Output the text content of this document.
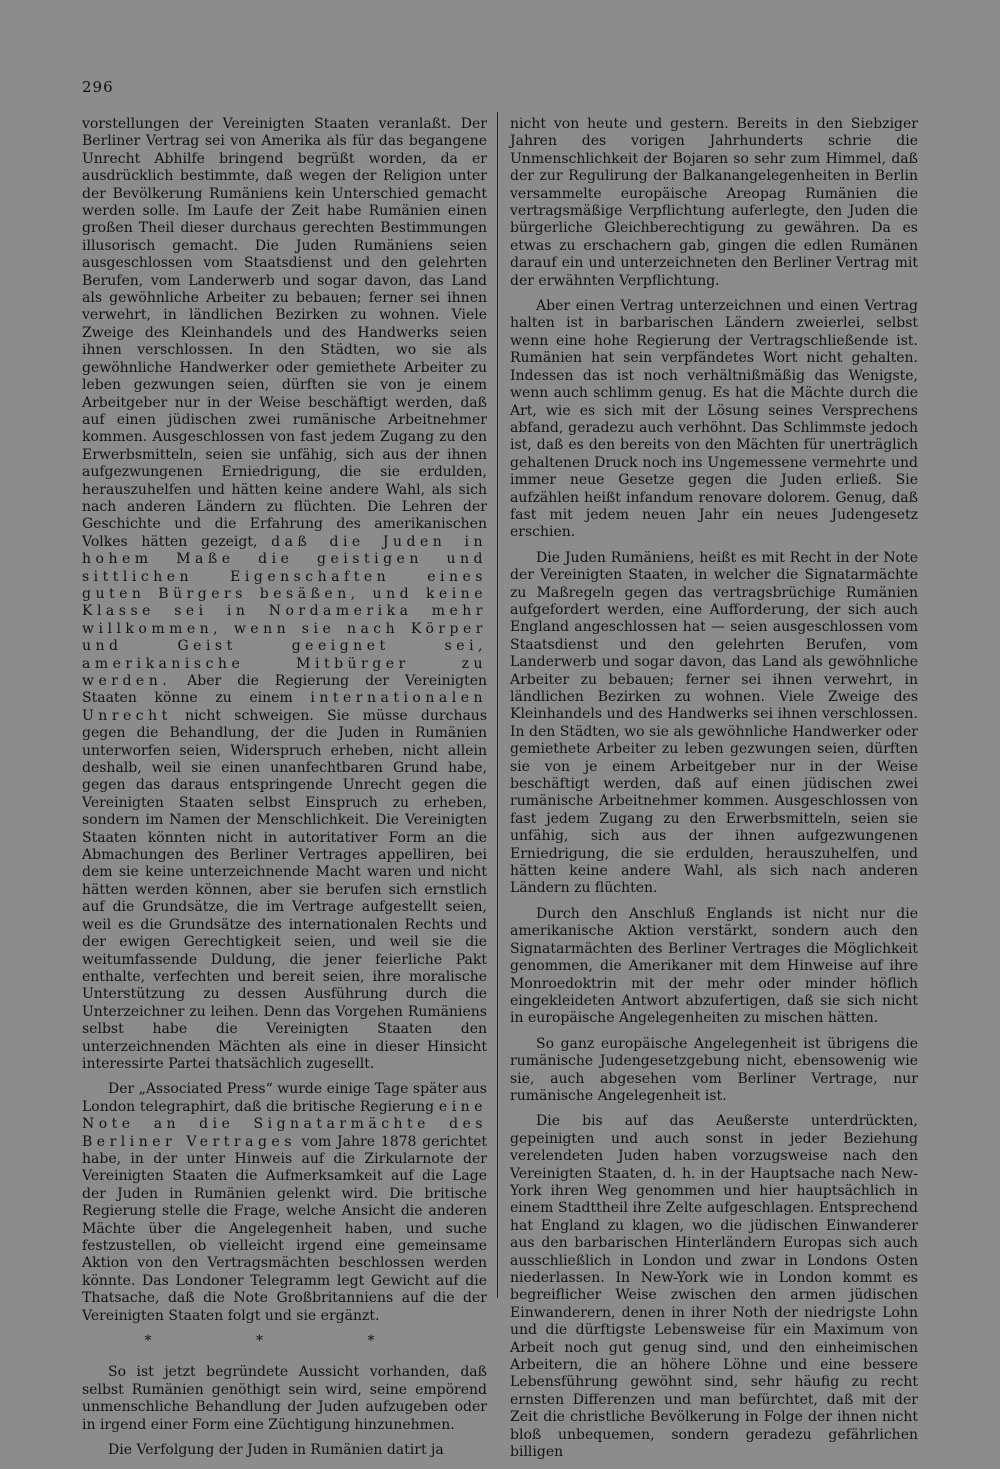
296

vorstellungen der Vereinigten Staaten veranlaßt. Der Berliner Vertrag sei von Amerika als für das begangene Unrecht Abhilfe bringend begrüßt worden, da er ausdrücklich bestimmte, daß wegen der Religion unter der Bevölkerung Rumäniens kein Unterschied gemacht werden solle. Im Laufe der Zeit habe Rumänien einen großen Theil dieser durchaus gerechten Bestimmungen illusorisch gemacht. Die Juden Rumäniens seien ausgeschlossen vom Staatsdienst und den gelehrten Berufen, vom Landerwerb und sogar davon, das Land als gewöhnliche Arbeiter zu bebauen; ferner sei ihnen verwehrt, in ländlichen Bezirken zu wohnen. Viele Zweige des Kleinhandels und des Handwerks seien ihnen verschlossen. In den Städten, wo sie als gewöhnliche Handwerker oder gemiethete Arbeiter zu leben gezwungen seien, dürften sie von je einem Arbeitgeber nur in der Weise beschäftigt werden, daß auf einen jüdischen zwei rumänische Arbeitnehmer kommen. Ausgeschlossen von fast jedem Zugang zu den Erwerbsmitteln, seien sie unfähig, sich aus der ihnen aufgezwungenen Erniedrigung, die sie erdulden, herauszuhelfen und hätten keine andere Wahl, als sich nach anderen Ländern zu flüchten. Die Lehren der Geschichte und die Erfahrung des amerikanischen Volkes hätten gezeigt, daß die Juden in hohem Maße die geistigen und sittlichen Eigenschaften eines guten Bürgers besäßen, und keine Klasse sei in Nordamerika mehr willkommen, wenn sie nach Körper und Geist geeignet sei, amerikanische Mitbürger zu werden. Aber die Regierung der Vereinigten Staaten könne zu einem internationalen Unrecht nicht schweigen. Sie müsse durchaus gegen die Behandlung, der die Juden in Rumänien unterworfen seien, Widerspruch erheben, nicht allein deshalb, weil sie einen unanfechtbaren Grund habe, gegen das daraus entspringende Unrecht gegen die Vereinigten Staaten selbst Einspruch zu erheben, sondern im Namen der Menschlichkeit. Die Vereinigten Staaten könnten nicht in autoritativer Form an die Abmachungen des Berliner Vertrages appelliren, bei dem sie keine unterzeichnende Macht waren und nicht hätten werden können, aber sie berufen sich ernstlich auf die Grundsätze, die im Vertrage aufgestellt seien, weil es die Grundsätze des internationalen Rechts und der ewigen Gerechtigkeit seien, und weil sie die weitumfassende Duldung, die jener feierliche Pakt enthalte, verfechten und bereit seien, ihre moralische Unterstützung zu dessen Ausführung durch die Unterzeichner zu leihen. Denn das Vorgehen Rumäniens selbst habe die Vereinigten Staaten den unterzeichnenden Mächten als eine in dieser Hinsicht interessirte Partei thatsächlich zugesellt.

Der „Associated Press“ wurde einige Tage später aus London telegraphirt, daß die britische Regierung eine Note an die Signatarmächte des Berliner Vertrages vom Jahre 1878 gerichtet habe, in der unter Hinweis auf die Zirkularnote der Vereinigten Staaten die Aufmerksamkeit auf die Lage der Juden in Rumänien gelenkt wird. Die britische Regierung stelle die Frage, welche Ansicht die anderen Mächte über die Angelegenheit haben, und suche festzustellen, ob vielleicht irgend eine gemeinsame Aktion von den Vertragsmächten beschlossen werden könnte. Das Londoner Telegramm legt Gewicht auf die Thatsache, daß die Note Großbritanniens auf die der Vereinigten Staaten folgt und sie ergänzt.

* * *

So ist jetzt begründete Aussicht vorhanden, daß selbst Rumänien genöthigt sein wird, seine empörend unmenschliche Behandlung der Juden aufzugeben oder in irgend einer Form eine Züchtigung hinzunehmen.

Die Verfolgung der Juden in Rumänien datirt ja

nicht von heute und gestern. Bereits in den Siebziger Jahren des vorigen Jahrhunderts schrie die Unmenschlichkeit der Bojaren so sehr zum Himmel, daß der zur Regulirung der Balkanangelegenheiten in Berlin versammelte europäische Areopag Rumänien die vertragsmäßige Verpflichtung auferlegte, den Juden die bürgerliche Gleichberechtigung zu gewähren. Da es etwas zu erschachern gab, gingen die edlen Rumänen darauf ein und unterzeichneten den Berliner Vertrag mit der erwähnten Verpflichtung.

Aber einen Vertrag unterzeichnen und einen Vertrag halten ist in barbarischen Ländern zweierlei, selbst wenn eine hohe Regierung der Vertragschließende ist. Rumänien hat sein verpfändetes Wort nicht gehalten. Indessen das ist noch verhältnißmäßig das Wenigste, wenn auch schlimm genug. Es hat die Mächte durch die Art, wie es sich mit der Lösung seines Versprechens abfand, geradezu auch verhöhnt. Das Schlimmste jedoch ist, daß es den bereits von den Mächten für unerträglich gehaltenen Druck noch ins Ungemessene vermehrte und immer neue Gesetze gegen die Juden erließ. Sie aufzählen heißt infandum renovare dolorem. Genug, daß fast mit jedem neuen Jahr ein neues Judengesetz erschien.

Die Juden Rumäniens, heißt es mit Recht in der Note der Vereinigten Staaten, in welcher die Signatarmächte zu Maßregeln gegen das vertragsbrüchige Rumänien aufgefordert werden, eine Aufforderung, der sich auch England angeschlossen hat — seien ausgeschlossen vom Staatsdienst und den gelehrten Berufen, vom Landerwerb und sogar davon, das Land als gewöhnliche Arbeiter zu bebauen; ferner sei ihnen verwehrt, in ländlichen Bezirken zu wohnen. Viele Zweige des Kleinhandels und des Handwerks sei ihnen verschlossen. In den Städten, wo sie als gewöhnliche Handwerker oder gemiethete Arbeiter zu leben gezwungen seien, dürften sie von je einem Arbeitgeber nur in der Weise beschäftigt werden, daß auf einen jüdischen zwei rumänische Arbeitnehmer kommen. Ausgeschlossen von fast jedem Zugang zu den Erwerbsmitteln, seien sie unfähig, sich aus der ihnen aufgezwungenen Erniedrigung, die sie erdulden, herauszuhelfen, und hätten keine andere Wahl, als sich nach anderen Ländern zu flüchten.

Durch den Anschluß Englands ist nicht nur die amerikanische Aktion verstärkt, sondern auch den Signatarmächten des Berliner Vertrages die Möglichkeit genommen, die Amerikaner mit dem Hinweise auf ihre Monroedoktrin mit der mehr oder minder höflich eingekleideten Antwort abzufertigen, daß sie sich nicht in europäische Angelegenheiten zu mischen hätten.

So ganz europäische Angelegenheit ist übrigens die rumänische Judengesetzgebung nicht, ebensowenig wie sie, auch abgesehen vom Berliner Vertrage, nur rumänische Angelegenheit ist.

Die bis auf das Aeußerste unterdrückten, gepeinigten und auch sonst in jeder Beziehung verelendeten Juden haben vorzugsweise nach den Vereinigten Staaten, d. h. in der Hauptsache nach New-York ihren Weg genommen und hier hauptsächlich in einem Stadttheil ihre Zelte aufgeschlagen. Entsprechend hat England zu klagen, wo die jüdischen Einwanderer aus den barbarischen Hinterländern Europas sich auch ausschließlich in London und zwar in Londons Osten niederlassen. In New-York wie in London kommt es begreiflicher Weise zwischen den armen jüdischen Einwanderern, denen in ihrer Noth der niedrigste Lohn und die dürftigste Lebensweise für ein Maximum von Arbeit noch gut genug sind, und den einheimischen Arbeitern, die an höhere Löhne und eine bessere Lebensführung gewöhnt sind, sehr häufig zu recht ernsten Differenzen und man befürchtet, daß mit der Zeit die christliche Bevölkerung in Folge der ihnen nicht bloß unbequemen, sondern geradezu gefährlichen billigen
